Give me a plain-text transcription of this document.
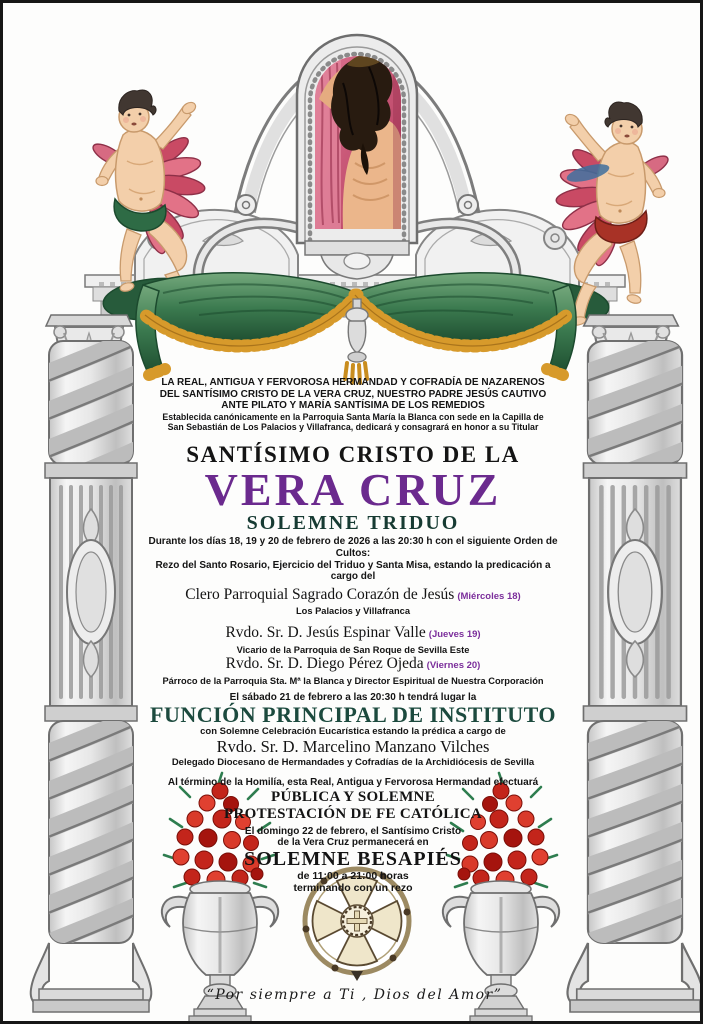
LA REAL, ANTIGUA Y FERVOROSA HERMANDAD Y COFRADÍA DE NAZARENOS
DEL SANTÍSIMO CRISTO DE LA VERA CRUZ, NUESTRO PADRE JESÚS CAUTIVO
ANTE PILATO Y MARÍA SANTÍSIMA DE LOS REMEDIOS
Establecida canónicamente en la Parroquia Santa María la Blanca con sede en la Capilla de
San Sebastián de Los Palacios y Villafranca, dedicará y consagrará en honor a su Titular
SANTÍSIMO CRISTO DE LA
VERA CRUZ
SOLEMNE TRIDUO
Durante los días 18, 19 y 20 de febrero de 2026 a las 20:30 h con el siguiente Orden de Cultos:
Rezo del Santo Rosario, Ejercicio del Triduo y Santa Misa, estando la predicación a cargo del
Clero Parroquial Sagrado Corazón de Jesús (Miércoles 18)
Los Palacios y Villafranca
Rvdo. Sr. D. Jesús Espinar Valle (Jueves 19)
Vicario de la Parroquia de San Roque de Sevilla Este
Rvdo. Sr. D. Diego Pérez Ojeda (Viernes 20)
Párroco de la Parroquia Sta. Mª la Blanca y Director Espiritual de Nuestra Corporación
El sábado 21 de febrero a las 20:30 h tendrá lugar la
FUNCIÓN PRINCIPAL DE INSTITUTO
con Solemne Celebración Eucarística estando la prédica a cargo de
Rvdo. Sr. D. Marcelino Manzano Vilches
Delegado Diocesano de Hermandades y Cofradías de la Archidiócesis de Sevilla
Al término de la Homilía, esta Real, Antigua y Fervorosa Hermandad efectuará
PÚBLICA Y SOLEMNE
PROTESTACIÓN DE FE CATÓLICA
El domingo 22 de febrero, el Santísimo Cristo
de la Vera Cruz permanecerá en
SOLEMNE BESAPIÉS
de 11:00 a 21:00 horas
terminando con un rezo
“Por siempre a Ti , Dios del Amor”
